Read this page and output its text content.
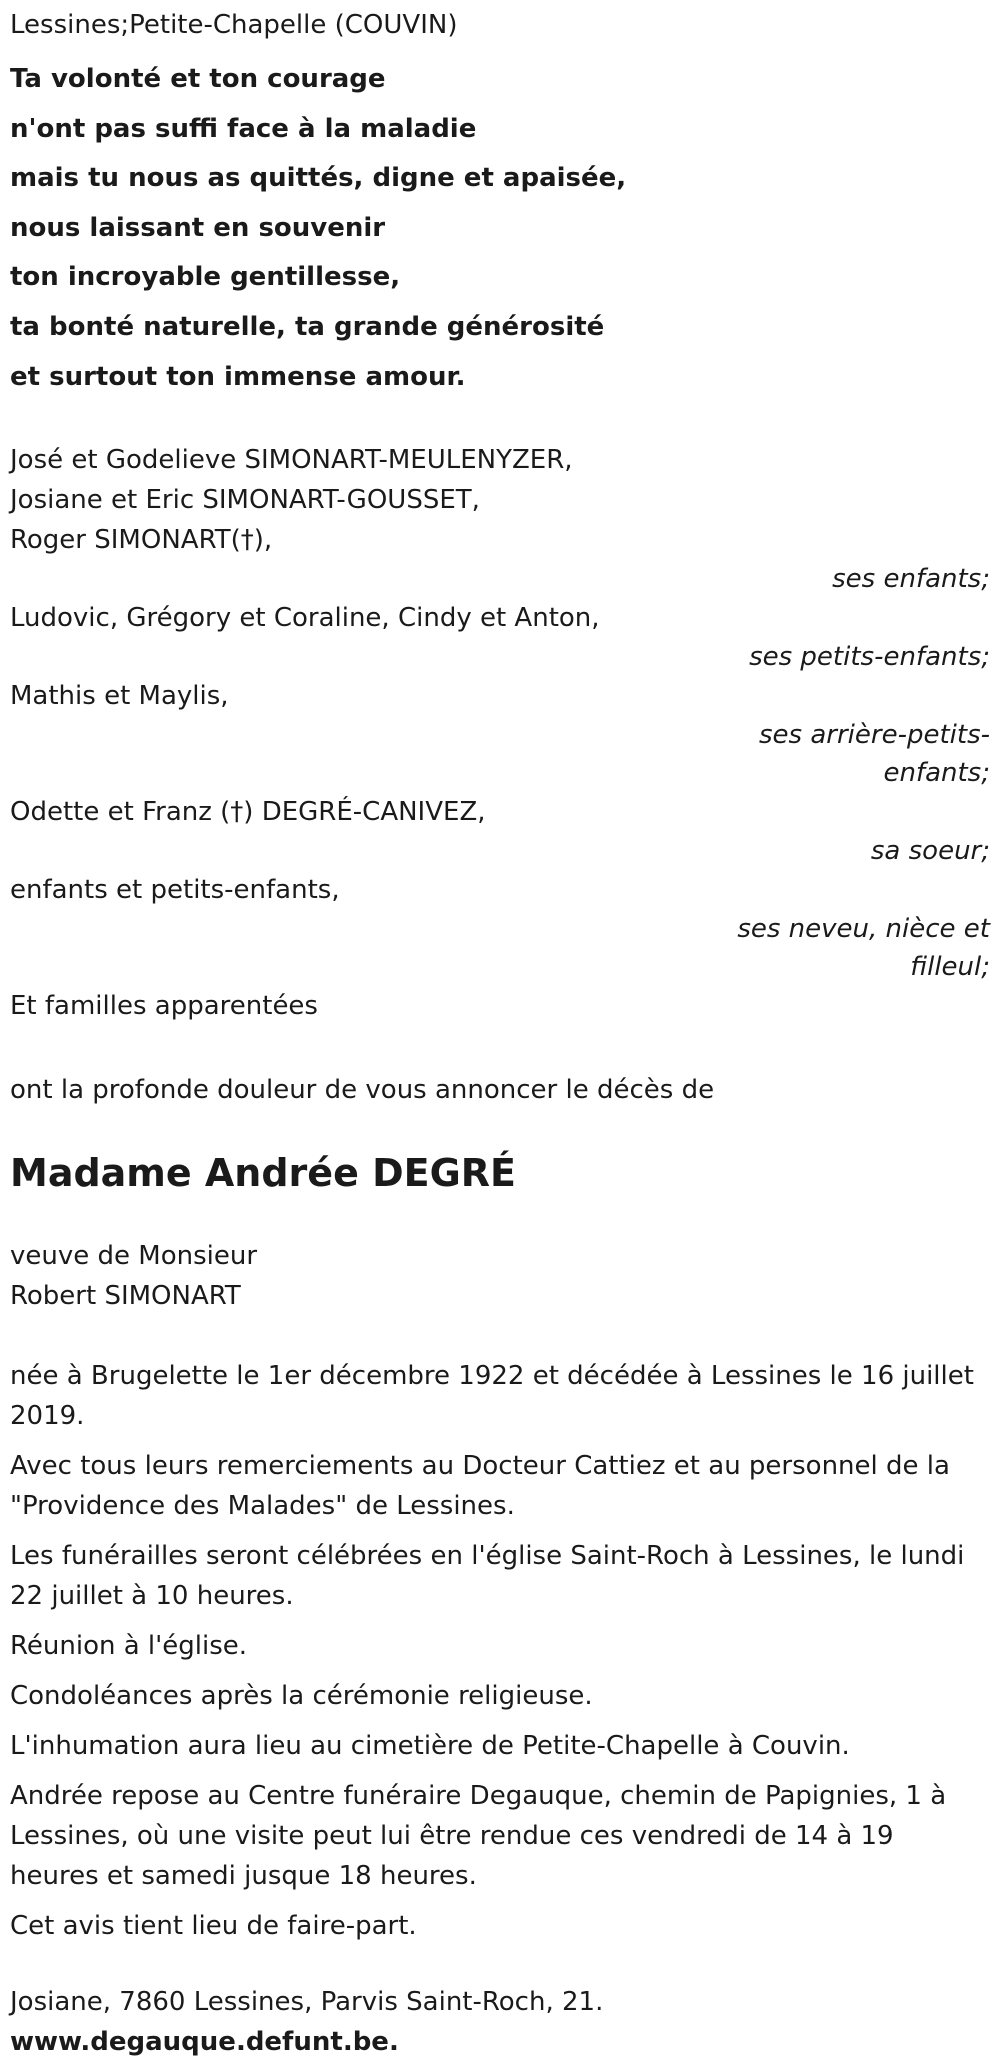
Lessines;Petite-Chapelle (COUVIN)
Ta volonté et ton courage
n'ont pas suffi face à la maladie
mais tu nous as quittés, digne et apaisée,
nous laissant en souvenir
ton incroyable gentillesse,
ta bonté naturelle, ta grande générosité
et surtout ton immense amour.
José et Godelieve SIMONART-MEULENYZER,
Josiane et Eric SIMONART-GOUSSET,
Roger SIMONART(†),
ses enfants;
Ludovic, Grégory et Coraline, Cindy et Anton,
ses petits-enfants;
Mathis et Maylis,
ses arrière-petits-
enfants;
Odette et Franz (†) DEGRÉ-CANIVEZ,
sa soeur;
enfants et petits-enfants,
ses neveu, nièce et
filleul;
Et familles apparentées
ont la profonde douleur de vous annoncer le décès de
Madame Andrée DEGRÉ
veuve de Monsieur
Robert SIMONART
née à Brugelette le 1er décembre 1922 et décédée à Lessines le 16 juillet 2019.
Avec tous leurs remerciements au Docteur Cattiez et au personnel de la "Providence des Malades" de Lessines.
Les funérailles seront célébrées en l'église Saint-Roch à Lessines, le lundi 22 juillet à 10 heures.
Réunion à l'église.
Condoléances après la cérémonie religieuse.
L'inhumation aura lieu au cimetière de Petite-Chapelle à Couvin.
Andrée repose au Centre funéraire Degauque, chemin de Papignies, 1 à Lessines, où une visite peut lui être rendue ces vendredi de 14 à 19 heures et samedi jusque 18 heures.
Cet avis tient lieu de faire-part.
Josiane, 7860 Lessines, Parvis Saint-Roch, 21.
www.degauque.defunt.be.
